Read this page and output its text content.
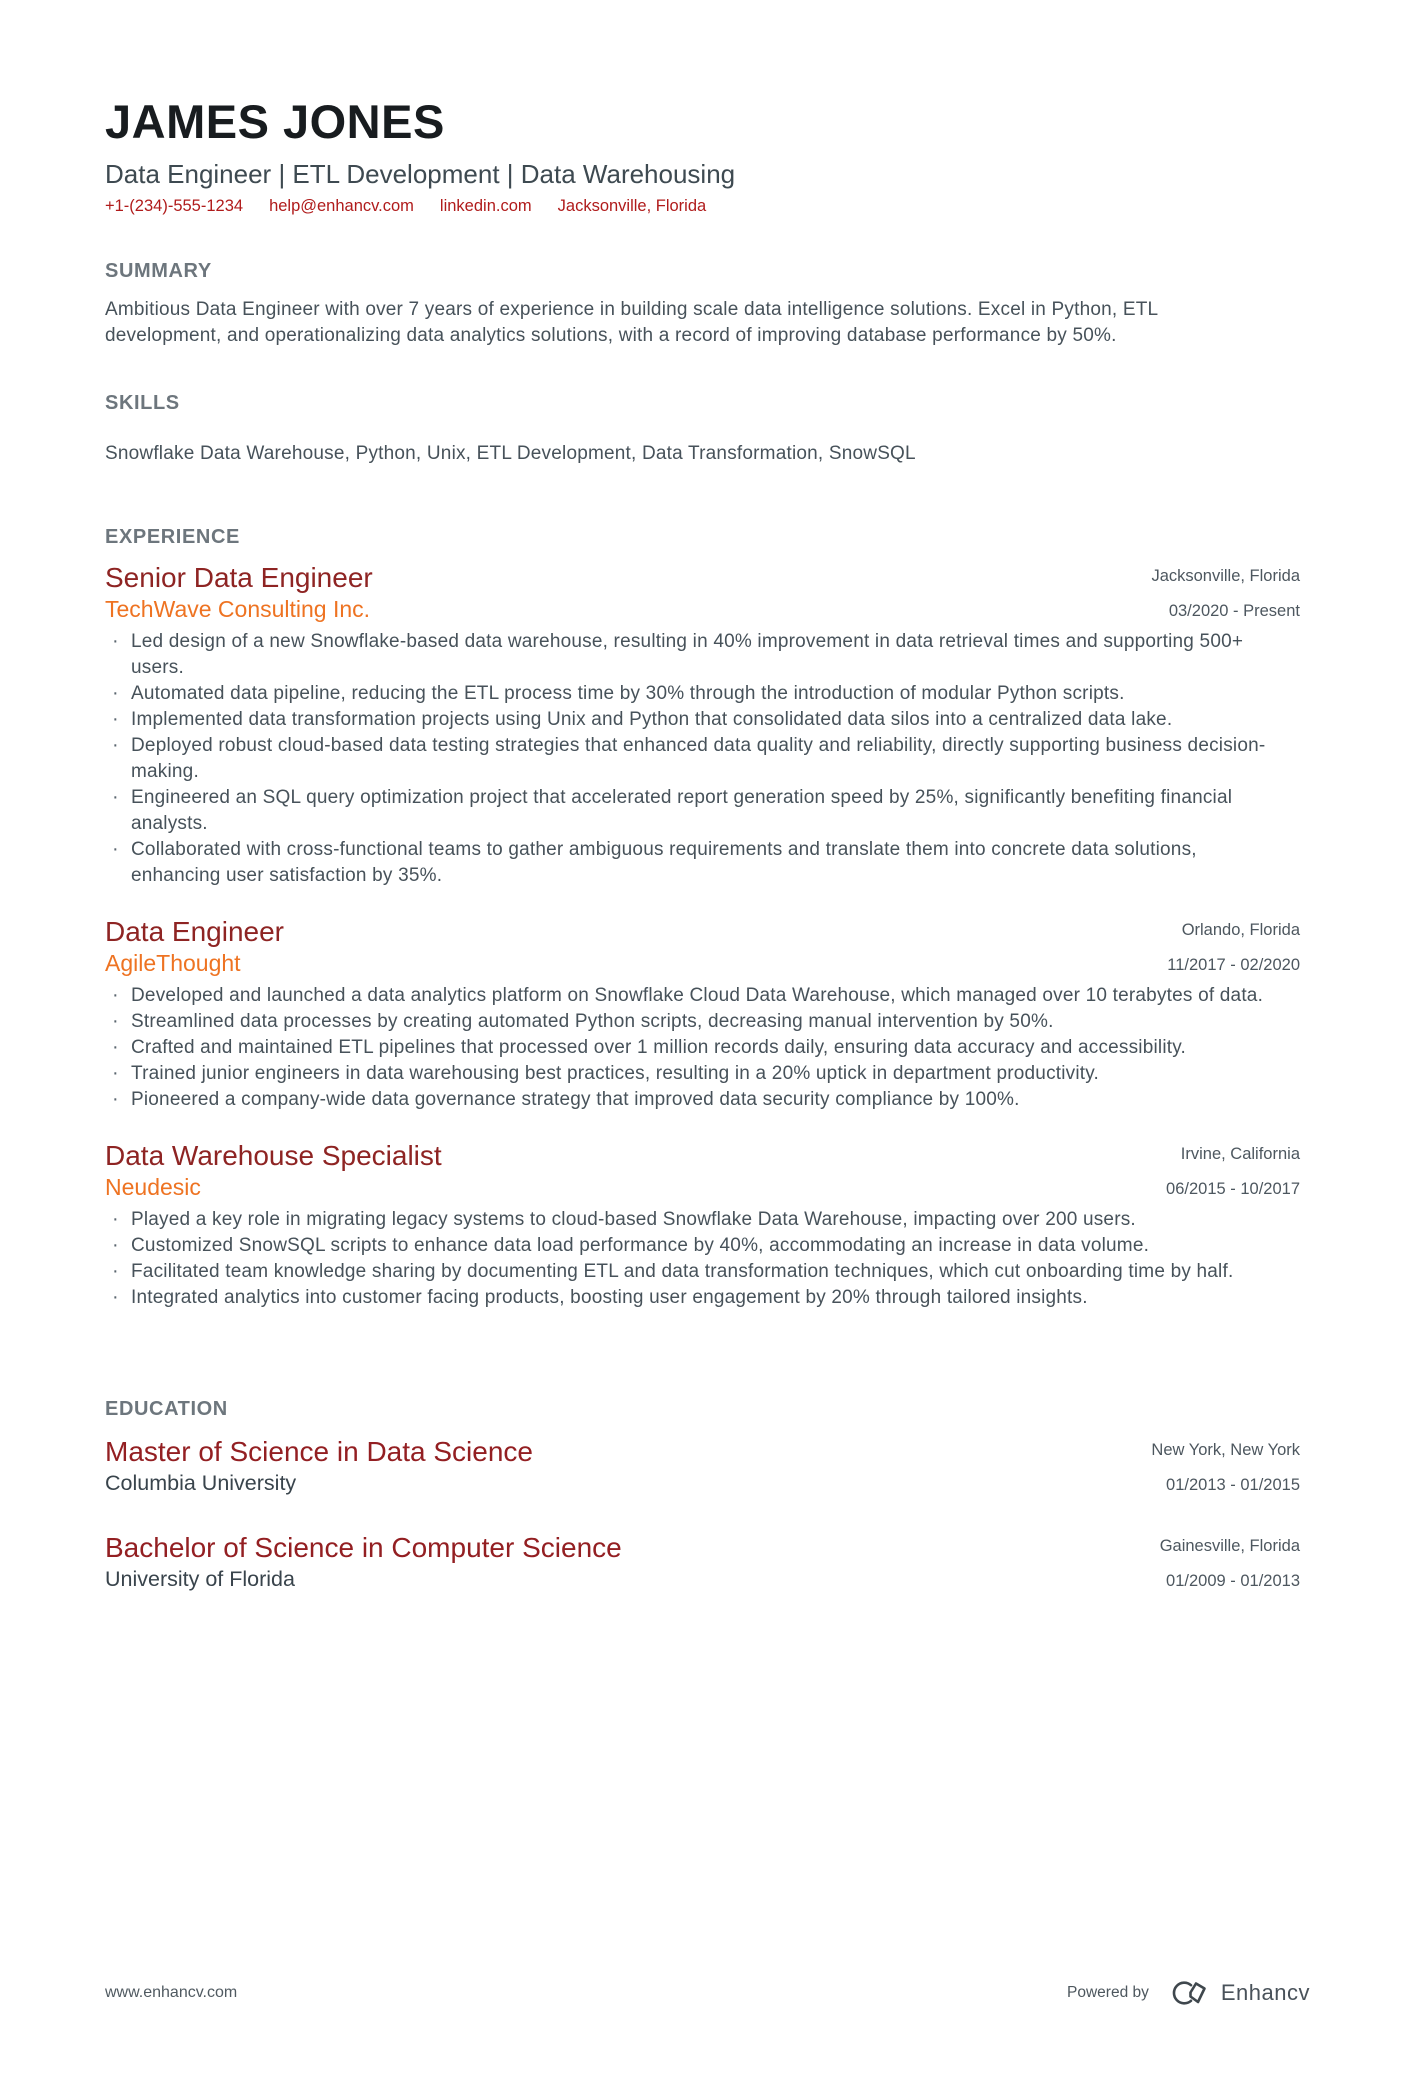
JAMES JONES
Data Engineer | ETL Development | Data Warehousing
+1-(234)-555-1234 help@enhancv.com linkedin.com Jacksonville, Florida
SUMMARY

Ambitious Data Engineer with over 7 years of experience in building scale data intelligence solutions. Excel in Python, ETL development, and operationalizing data analytics solutions, with a record of improving database performance by 50%.

SKILLS

Snowflake Data Warehouse, Python, Unix, ETL Development, Data Transformation, SnowSQL

EXPERIENCE
Senior Data Engineer	Jacksonville, Florida
TechWave Consulting Inc.	03/2020 - Present
· Led design of a new Snowflake-based data warehouse, resulting in 40% improvement in data retrieval times and supporting 500+ users.
· Automated data pipeline, reducing the ETL process time by 30% through the introduction of modular Python scripts.
· Implemented data transformation projects using Unix and Python that consolidated data silos into a centralized data lake.
· Deployed robust cloud-based data testing strategies that enhanced data quality and reliability, directly supporting business decision-making.
· Engineered an SQL query optimization project that accelerated report generation speed by 25%, significantly benefiting financial analysts.
· Collaborated with cross-functional teams to gather ambiguous requirements and translate them into concrete data solutions, enhancing user satisfaction by 35%.
Data Engineer	Orlando, Florida
AgileThought	11/2017 - 02/2020
· Developed and launched a data analytics platform on Snowflake Cloud Data Warehouse, which managed over 10 terabytes of data.
· Streamlined data processes by creating automated Python scripts, decreasing manual intervention by 50%.
· Crafted and maintained ETL pipelines that processed over 1 million records daily, ensuring data accuracy and accessibility.
· Trained junior engineers in data warehousing best practices, resulting in a 20% uptick in department productivity.
· Pioneered a company-wide data governance strategy that improved data security compliance by 100%.
Data Warehouse Specialist	Irvine, California
Neudesic	06/2015 - 10/2017
· Played a key role in migrating legacy systems to cloud-based Snowflake Data Warehouse, impacting over 200 users.
· Customized SnowSQL scripts to enhance data load performance by 40%, accommodating an increase in data volume.
· Facilitated team knowledge sharing by documenting ETL and data transformation techniques, which cut onboarding time by half.
· Integrated analytics into customer facing products, boosting user engagement by 20% through tailored insights.
EDUCATION
Master of Science in Data Science	New York, New York
Columbia University	01/2013 - 01/2015
Bachelor of Science in Computer Science	Gainesville, Florida
University of Florida	01/2009 - 01/2013
www.enhancv.com	Powered by	Enhancv
